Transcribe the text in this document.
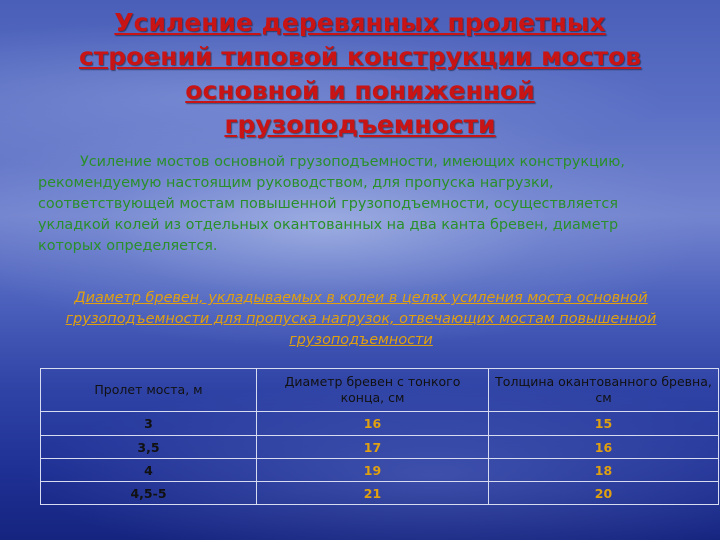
Усиление деревянных пролетных
строений типовой конструкции мостов
основной и пониженной
грузоподъемности

Усиление мостов основной грузоподъемности, имеющих конструкцию, рекомендуемую настоящим руководством, для пропуска нагрузки, соответствующей мостам повышенной грузоподъемности, осуществляется укладкой колей из отдельных окантованных на два канта бревен, диаметр которых определяется.

Диаметр бревен, укладываемых в колеи в целях усиления моста основной грузоподъемности для пропуска нагрузок, отвечающих мостам повышенной грузоподъемности

Пролет моста, м	Диаметр бревен с тонкого конца, см	Толщина окантованного бревна, см
3	16	15
3,5	17	16
4	19	18
4,5-5	21	20
